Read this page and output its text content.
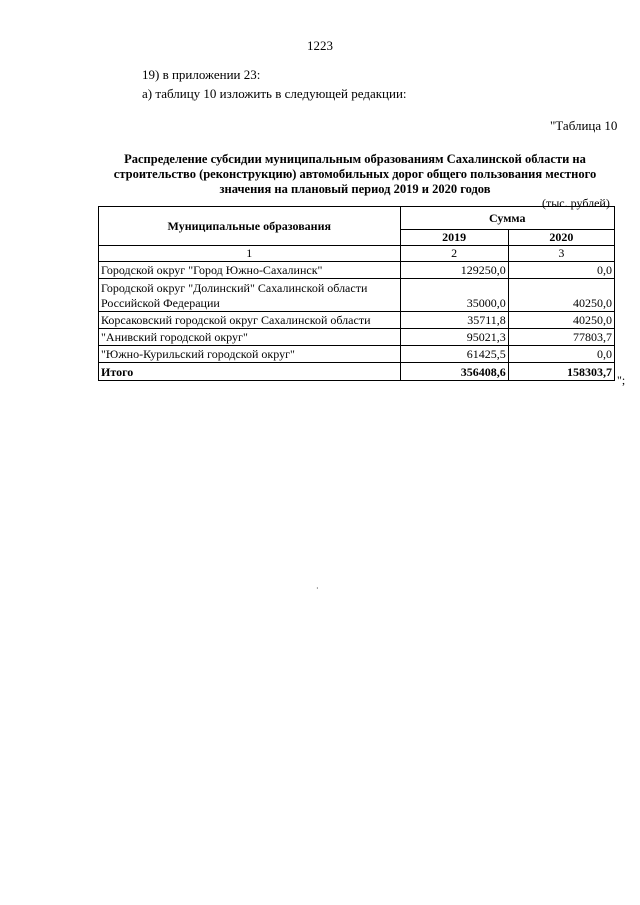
1223
19) в приложении 23:
а) таблицу 10 изложить в следующей редакции:
"Таблица 10
Распределение субсидии муниципальным образованиям Сахалинской области на строительство (реконструкцию) автомобильных дорог общего пользования местного значения на плановый период 2019 и 2020 годов
(тыс. рублей)
Муниципальные образования	Сумма	
	2019	2020
1	2	3
Городской округ "Город Южно-Сахалинск"	129250,0	0,0
Городской округ "Долинский" Сахалинской области Российской Федерации	35000,0	40250,0
Корсаковский городской округ Сахалинской области	35711,8	40250,0
"Анивский городской округ"	95021,3	77803,7
"Южно-Курильский городской округ"	61425,5	0,0
Итого	356408,6	158303,7
";
·
